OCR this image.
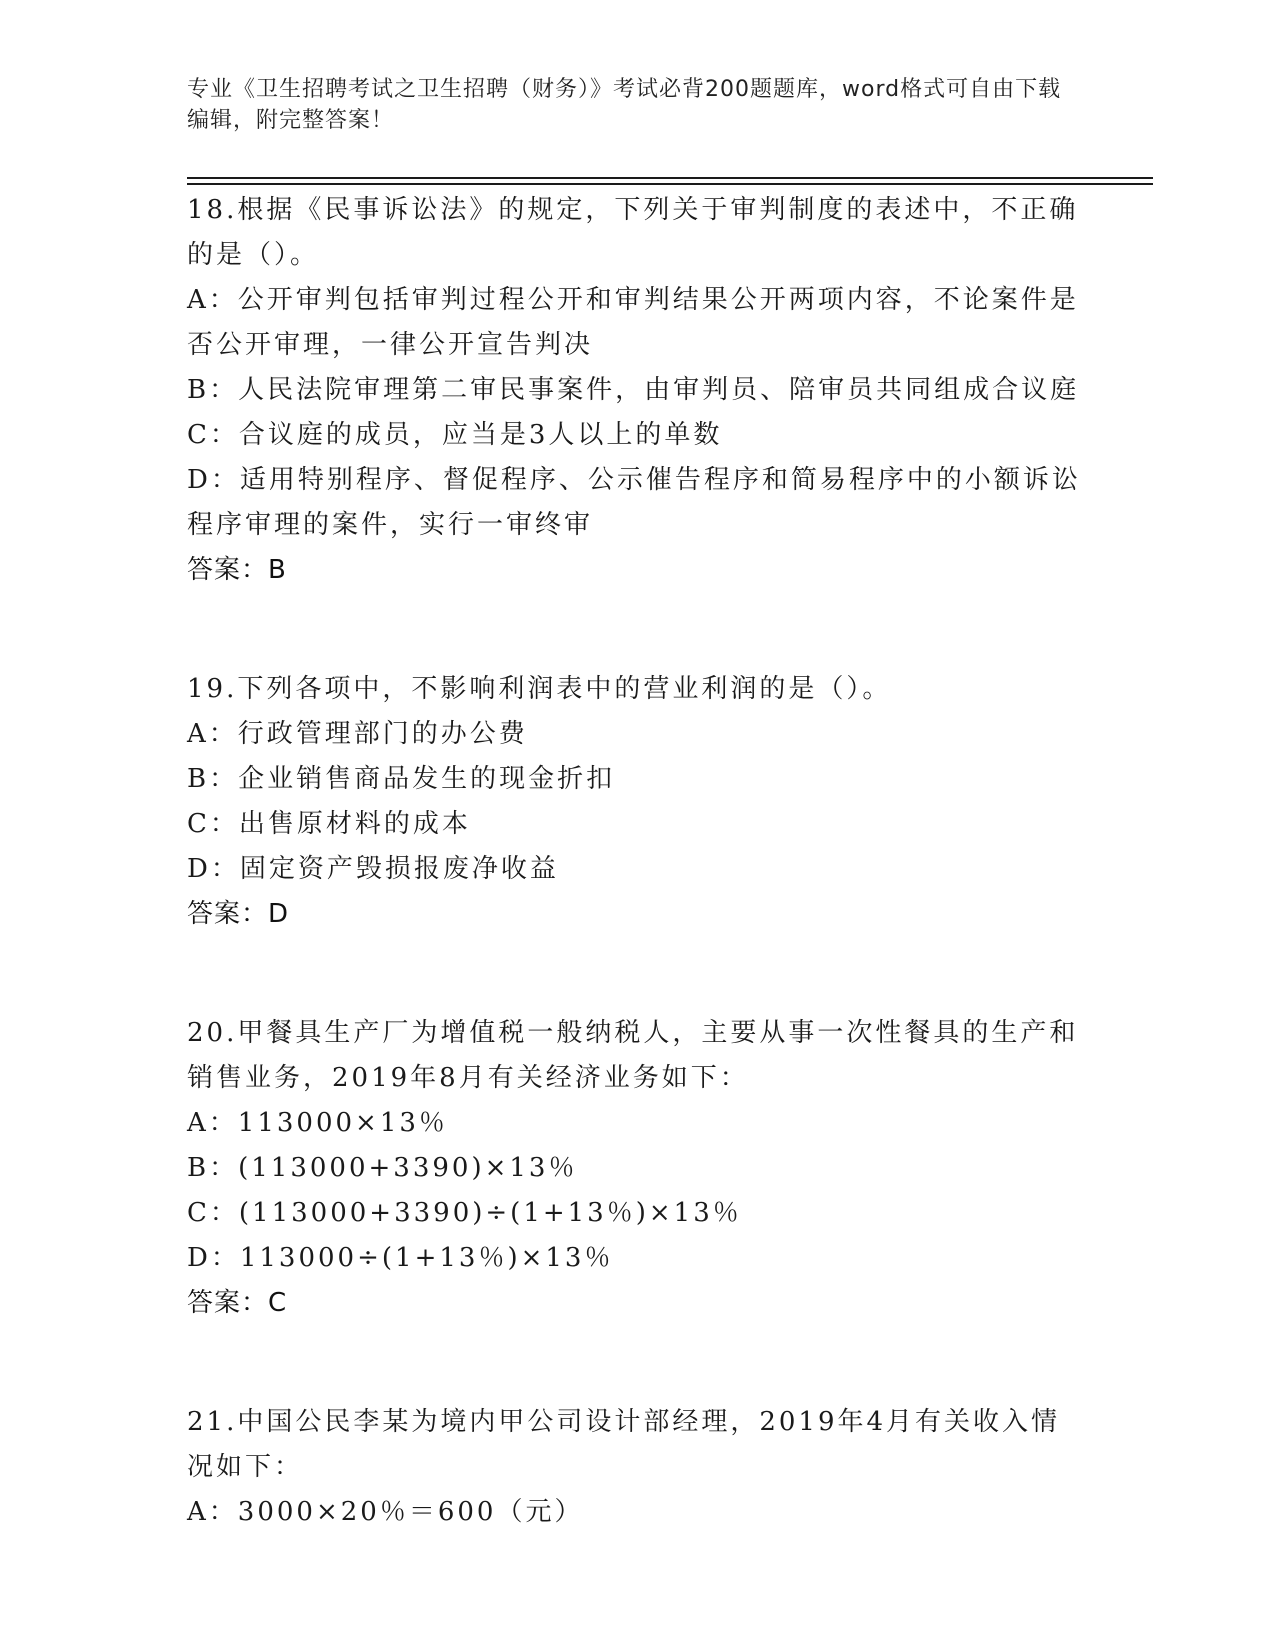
专业《卫生招聘考试之卫生招聘（财务）》考试必背200题题库，word格式可自由下载编辑，附完整答案！

18.根据《民事诉讼法》的规定，下列关于审判制度的表述中，不正确的是（）。

A：公开审判包括审判过程公开和审判结果公开两项内容，不论案件是否公开审理，一律公开宣告判决

B：人民法院审理第二审民事案件，由审判员、陪审员共同组成合议庭

C：合议庭的成员，应当是3人以上的单数

D：适用特别程序、督促程序、公示催告程序和简易程序中的小额诉讼程序审理的案件，实行一审终审

答案：B

19.下列各项中，不影响利润表中的营业利润的是（）。

A：行政管理部门的办公费

B：企业销售商品发生的现金折扣

C：出售原材料的成本

D：固定资产毁损报废净收益

答案：D

20.甲餐具生产厂为增值税一般纳税人，主要从事一次性餐具的生产和销售业务，2019年8月有关经济业务如下：

A：113000×13％

B：(113000+3390)×13％

C：(113000+3390)÷(1+13％)×13％

D：113000÷(1+13％)×13％

答案：C

21.中国公民李某为境内甲公司设计部经理，2019年4月有关收入情况如下：

A：3000×20％＝600（元）
